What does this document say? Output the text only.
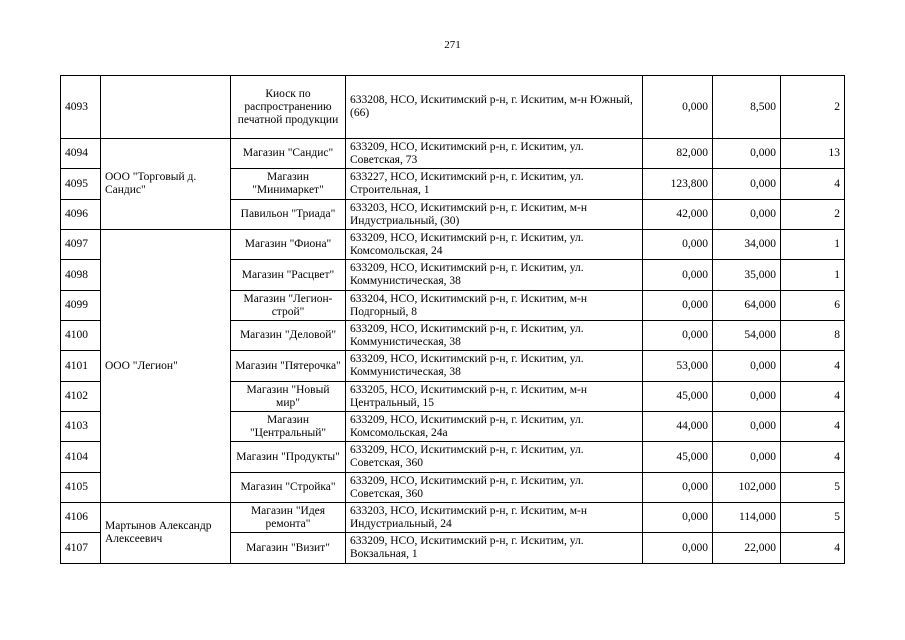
271
4093		Киоск по распространению печатной продукции	633208, НСО, Искитимский р-н, г. Искитим, м-н Южный, (66)	0,000	8,500	2
4094	ООО "Торговый д. Сандис"	Магазин "Сандис"	633209, НСО, Искитимский р-н, г. Искитим, ул. Советская, 73	82,000	0,000	13
4095		Магазин "Минимаркет"	633227, НСО, Искитимский р-н, г. Искитим, ул. Строительная, 1	123,800	0,000	4
4096		Павильон "Триада"	633203, НСО, Искитимский р-н, г. Искитим, м-н Индустриальный, (30)	42,000	0,000	2
4097	ООО "Легион"	Магазин "Фиона"	633209, НСО, Искитимский р-н, г. Искитим, ул. Комсомольская, 24	0,000	34,000	1
4098		Магазин "Расцвет"	633209, НСО, Искитимский р-н, г. Искитим, ул. Коммунистическая, 38	0,000	35,000	1
4099		Магазин "Легион-строй"	633204, НСО, Искитимский р-н, г. Искитим, м-н Подгорный, 8	0,000	64,000	6
4100		Магазин "Деловой"	633209, НСО, Искитимский р-н, г. Искитим, ул. Коммунистическая, 38	0,000	54,000	8
4101		Магазин "Пятерочка"	633209, НСО, Искитимский р-н, г. Искитим, ул. Коммунистическая, 38	53,000	0,000	4
4102		Магазин "Новый мир"	633205, НСО, Искитимский р-н, г. Искитим, м-н Центральный, 15	45,000	0,000	4
4103		Магазин "Центральный"	633209, НСО, Искитимский р-н, г. Искитим, ул. Комсомольская, 24а	44,000	0,000	4
4104		Магазин "Продукты"	633209, НСО, Искитимский р-н, г. Искитим, ул. Советская, 360	45,000	0,000	4
4105		Магазин "Стройка"	633209, НСО, Искитимский р-н, г. Искитим, ул. Советская, 360	0,000	102,000	5
4106	Мартынов Александр Алексеевич	Магазин "Идея ремонта"	633203, НСО, Искитимский р-н, г. Искитим, м-н Индустриальный, 24	0,000	114,000	5
4107		Магазин "Визит"	633209, НСО, Искитимский р-н, г. Искитим, ул. Вокзальная, 1	0,000	22,000	4
